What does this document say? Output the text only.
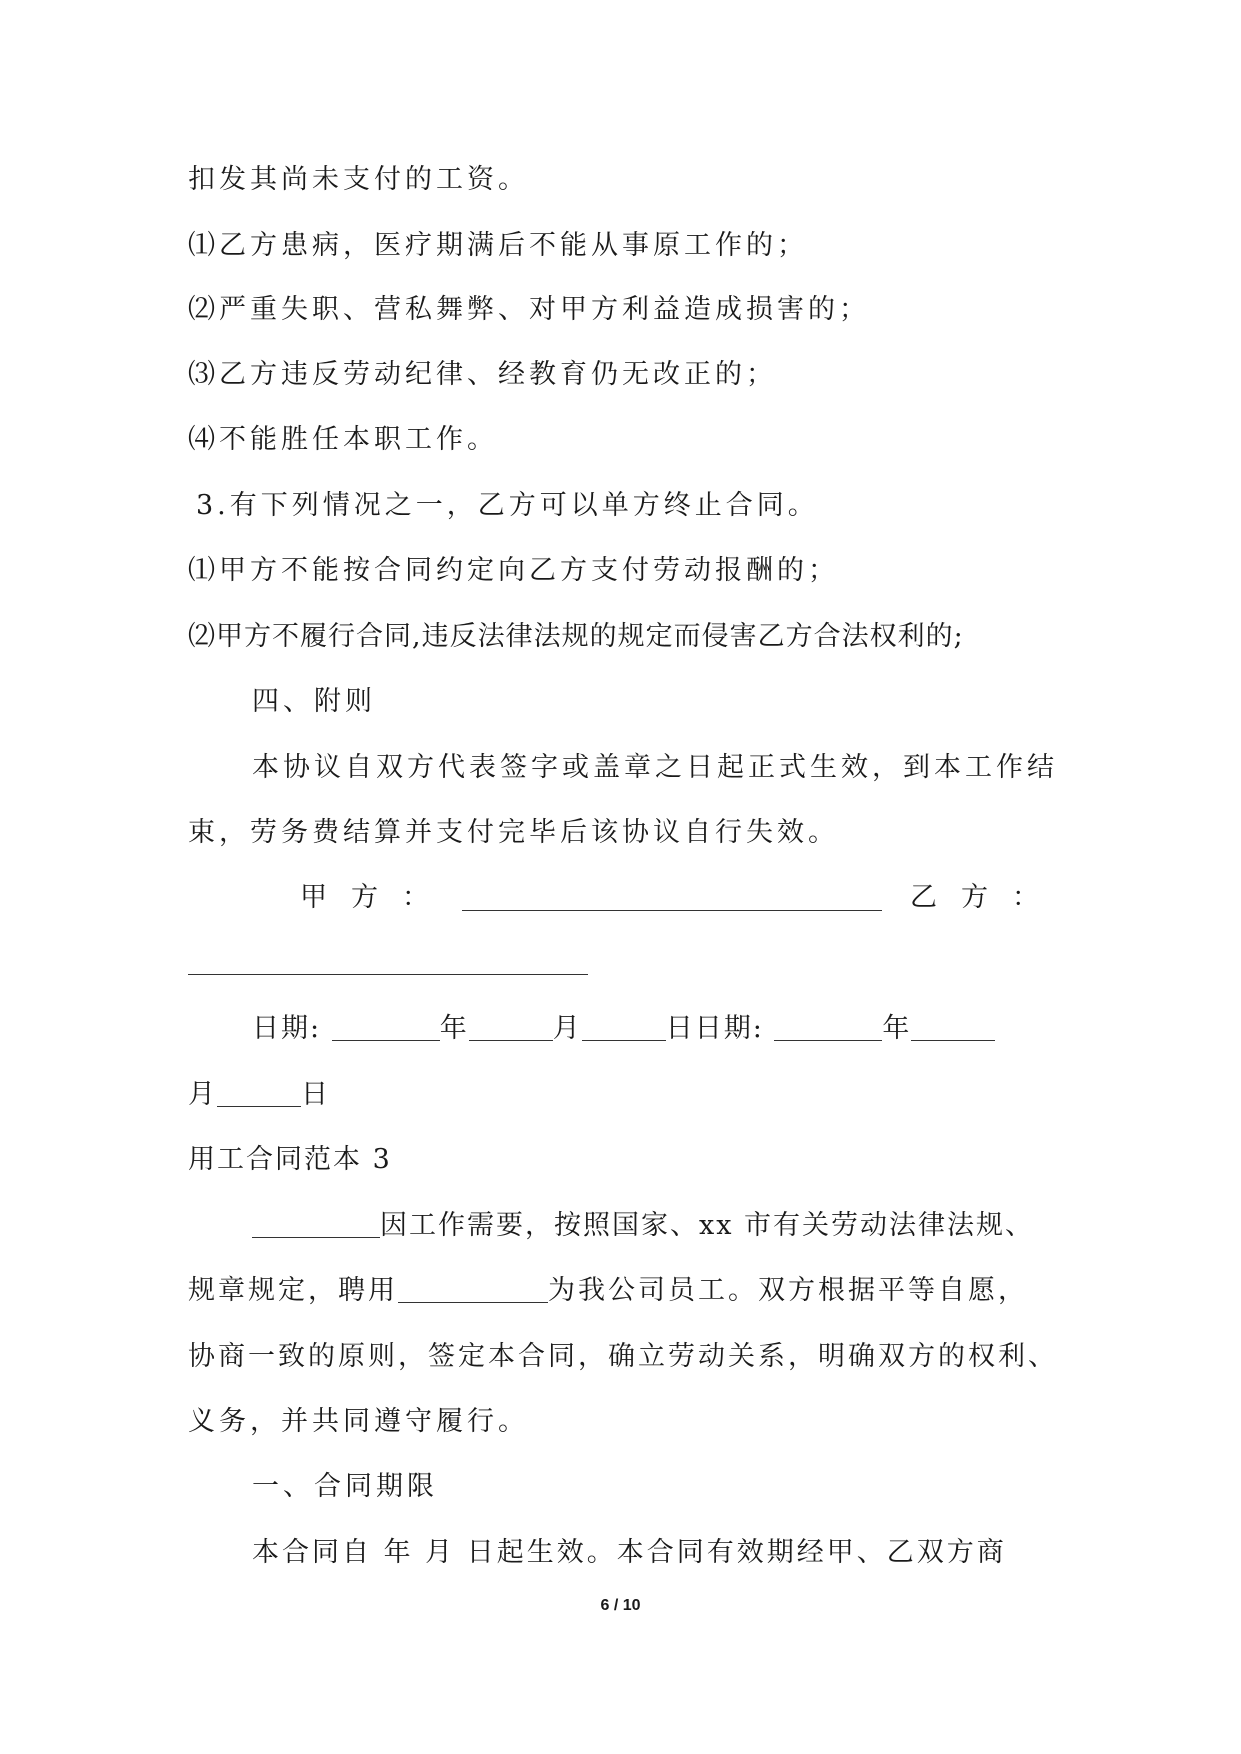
扣发其尚未支付的工资。
⑴乙方患病，医疗期满后不能从事原工作的；
⑵严重失职、营私舞弊、对甲方利益造成损害的；
⑶乙方违反劳动纪律、经教育仍无改正的；
⑷不能胜任本职工作。
3.有下列情况之一，乙方可以单方终止合同。
⑴甲方不能按合同约定向乙方支付劳动报酬的；
⑵甲方不履行合同,违反法律法规的规定而侵害乙方合法权利的;
四、附则
本协议自双方代表签字或盖章之日起正式生效，到本工作结
束，劳务费结算并支付完毕后该协议自行失效。
甲方：	乙方：
日期:	年	月	日日期:	年
月	日
用工合同范本 3
因工作需要，按照国家、xx 市有关劳动法律法规、
规章规定，聘用	为我公司员工。双方根据平等自愿，
协商一致的原则，签定本合同，确立劳动关系，明确双方的权利、
义务，并共同遵守履行。
一、合同期限
本合同自 年 月 日起生效。本合同有效期经甲、乙双方商
6 / 10
